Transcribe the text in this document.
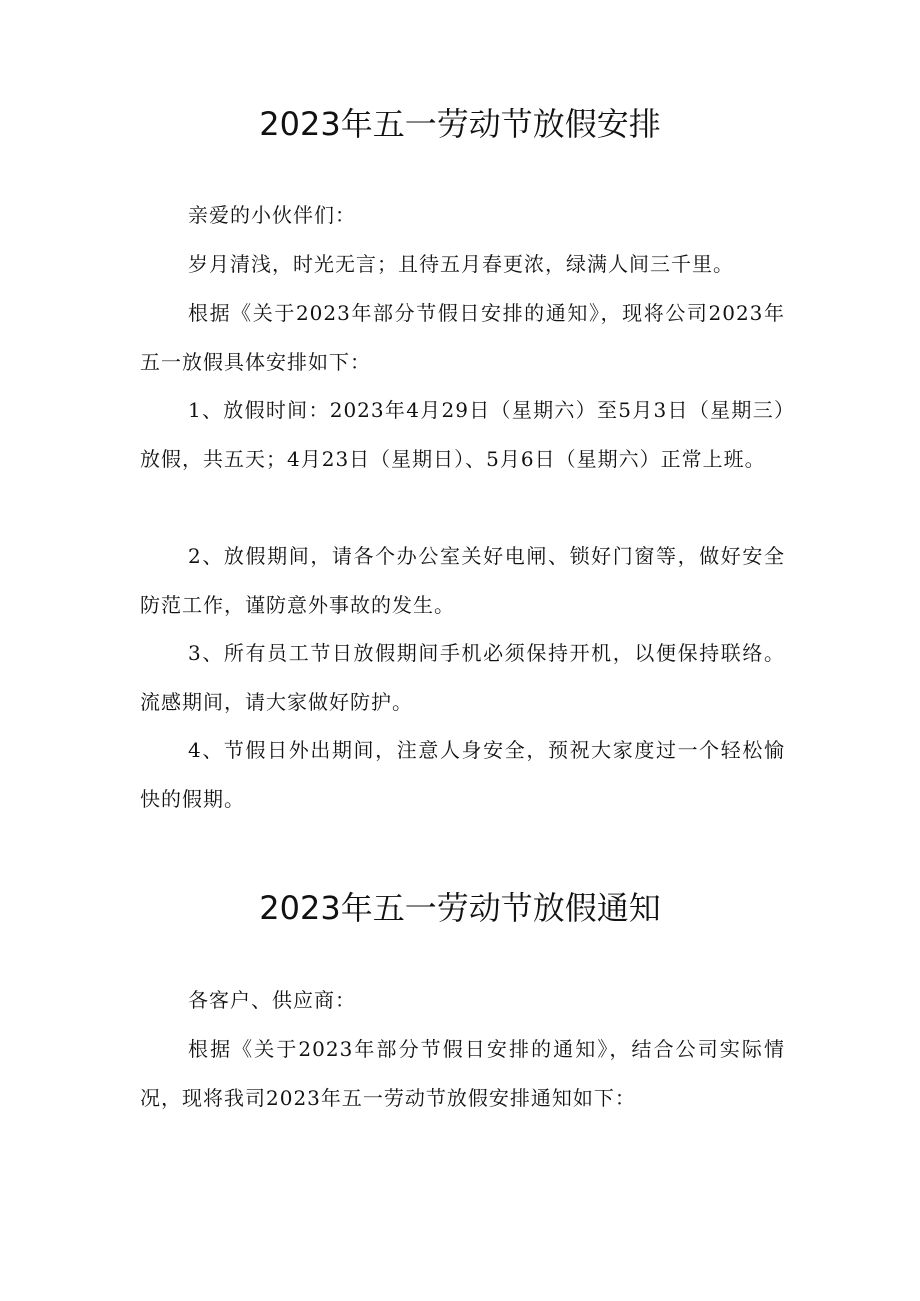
2023年五一劳动节放假安排

亲爱的小伙伴们：

岁月清浅，时光无言；且待五月春更浓，绿满人间三千里。

根据《关于2023年部分节假日安排的通知》，现将公司2023年五一放假具体安排如下：

1、放假时间：2023年4月29日（星期六）至5月3日（星期三）放假，共五天；4月23日（星期日）、5月6日（星期六）正常上班。

2、放假期间，请各个办公室关好电闸、锁好门窗等，做好安全防范工作，谨防意外事故的发生。

3、所有员工节日放假期间手机必须保持开机，以便保持联络。流感期间，请大家做好防护。

4、节假日外出期间，注意人身安全，预祝大家度过一个轻松愉快的假期。

2023年五一劳动节放假通知

各客户、供应商：

根据《关于2023年部分节假日安排的通知》，结合公司实际情况，现将我司2023年五一劳动节放假安排通知如下：
